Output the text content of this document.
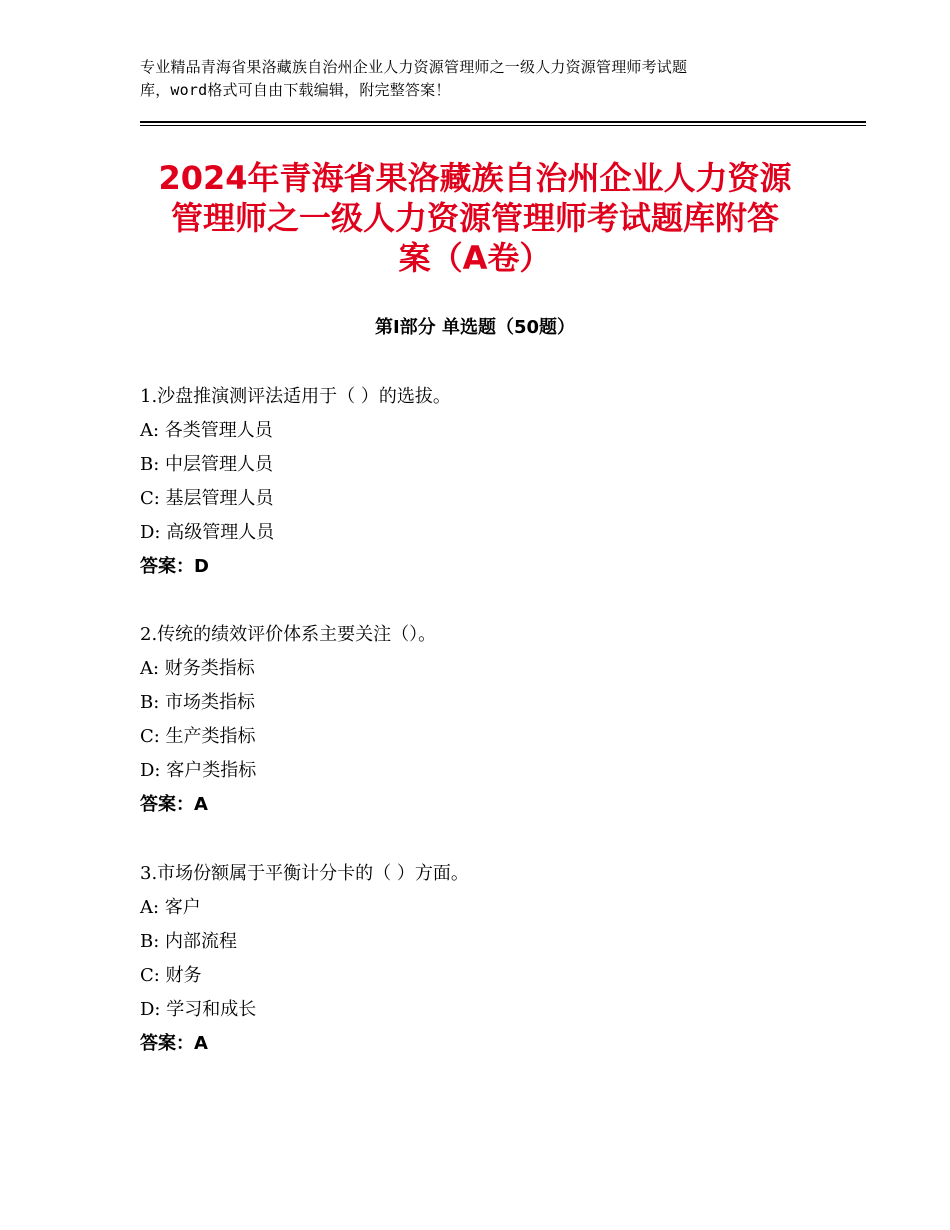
专业精品青海省果洛藏族自治州企业人力资源管理师之一级人力资源管理师考试题
库，word格式可自由下载编辑，附完整答案！
2024年青海省果洛藏族自治州企业人力资源
管理师之一级人力资源管理师考试题库附答
案（A卷）
第Ⅰ部分 单选题（50题）
1.沙盘推演测评法适用于（ ）的选拔。
A: 各类管理人员
B: 中层管理人员
C: 基层管理人员
D: 高级管理人员
答案：D
2.传统的绩效评价体系主要关注（）。
A: 财务类指标
B: 市场类指标
C: 生产类指标
D: 客户类指标
答案：A
3.市场份额属于平衡计分卡的（ ）方面。
A: 客户
B: 内部流程
C: 财务
D: 学习和成长
答案：A
